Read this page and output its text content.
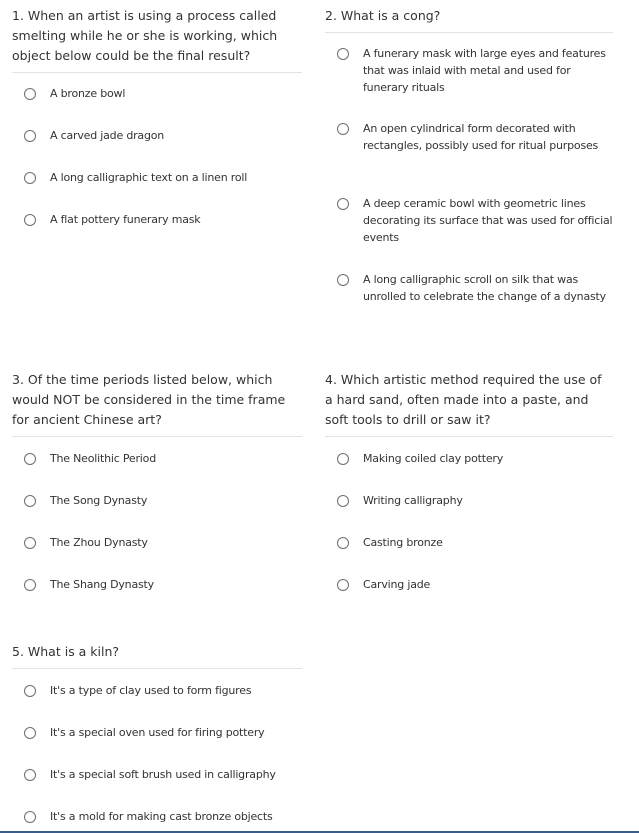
1. When an artist is using a process called smelting while he or she is working, which object below could be the final result?
A bronze bowl
A carved jade dragon
A long calligraphic text on a linen roll
A flat pottery funerary mask
2. What is a cong?
A funerary mask with large eyes and features that was inlaid with metal and used for funerary rituals
An open cylindrical form decorated with rectangles, possibly used for ritual purposes
A deep ceramic bowl with geometric lines decorating its surface that was used for official events
A long calligraphic scroll on silk that was unrolled to celebrate the change of a dynasty
3. Of the time periods listed below, which would NOT be considered in the time frame for ancient Chinese art?
The Neolithic Period
The Song Dynasty
The Zhou Dynasty
The Shang Dynasty
4. Which artistic method required the use of a hard sand, often made into a paste, and soft tools to drill or saw it?
Making coiled clay pottery
Writing calligraphy
Casting bronze
Carving jade
5. What is a kiln?
It's a type of clay used to form figures
It's a special oven used for firing pottery
It's a special soft brush used in calligraphy
It's a mold for making cast bronze objects
